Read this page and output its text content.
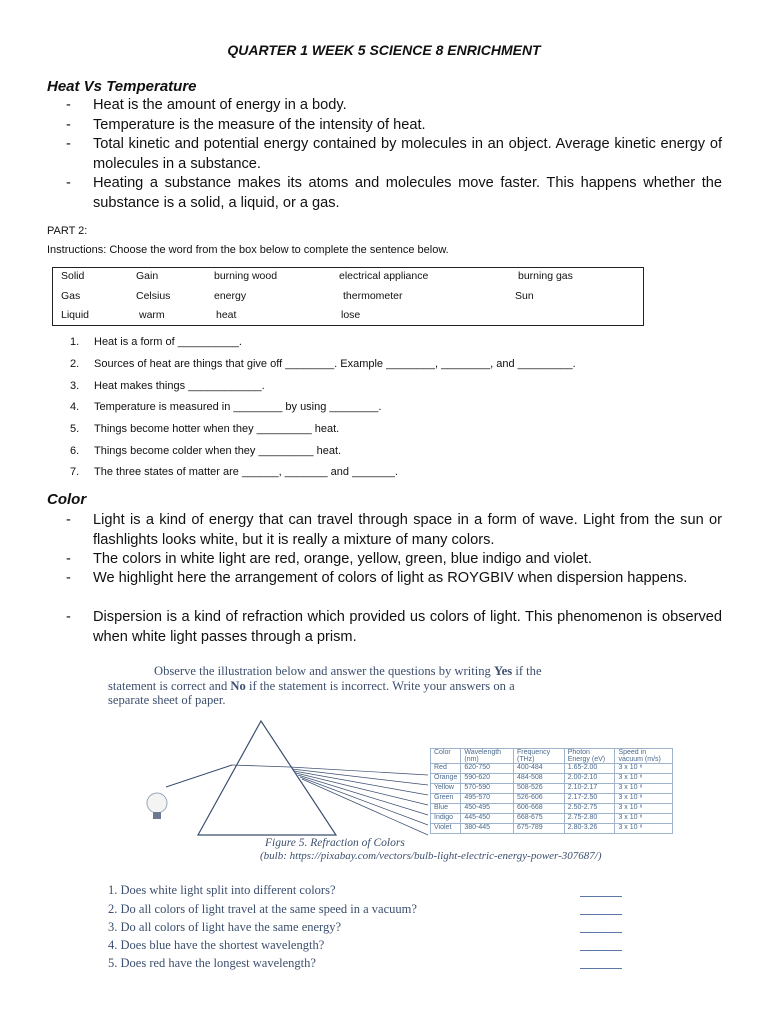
QUARTER 1 WEEK 5 SCIENCE 8 ENRICHMENT
Heat Vs Temperature
- Heat is the amount of energy in a body.
- Temperature is the measure of the intensity of heat.
- Total kinetic and potential energy contained by molecules in an object. Average kinetic energy of molecules in a substance.
- Heating a substance makes its atoms and molecules move faster. This happens whether the substance is a solid, a liquid, or a gas.
PART 2:
Instructions: Choose the word from the box below to complete the sentence below.
Solid	Gain	burning wood	electrical appliance	burning gas
Gas	Celsius	energy	thermometer	Sun
Liquid	warm	heat	lose
1. Heat is a form of __________.
2. Sources of heat are things that give off ________. Example ________, ________, and _________.
3. Heat makes things ____________.
4. Temperature is measured in ________ by using ________.
5. Things become hotter when they _________ heat.
6. Things become colder when they _________ heat.
7. The three states of matter are ______, _______ and _______.
Color
- Light is a kind of energy that can travel through space in a form of wave. Light from the sun or flashlights looks white, but it is really a mixture of many colors.
- The colors in white light are red, orange, yellow, green, blue indigo and violet.
- We highlight here the arrangement of colors of light as ROYGBIV when dispersion happens.
- Dispersion is a kind of refraction which provided us colors of light. This phenomenon is observed when white light passes through a prism.
Observe the illustration below and answer the questions by writing Yes if the
statement is correct and No if the statement is incorrect. Write your answers on a
separate sheet of paper.
Color	Wavelength (nm)	Frequency (THz)	Photon Energy (eV)	Speed in vacuum (m/s)
Red	620-750	400-484	1.65-2.00	3 x 10 ⁸
Orange	590-620	484-508	2.00-2.10	3 x 10 ⁸
Yellow	570-590	508-526	2.10-2.17	3 x 10 ⁸
Green	495-570	526-606	2.17-2.50	3 x 10 ⁸
Blue	450-495	606-668	2.50-2.75	3 x 10 ⁸
Indigo	445-450	668-675	2.75-2.80	3 x 10 ⁸
Violet	380-445	675-789	2.80-3.26	3 x 10 ⁸
Figure 5. Refraction of Colors
(bulb: https://pixabay.com/vectors/bulb-light-electric-energy-power-307687/)
1. Does white light split into different colors?
2. Do all colors of light travel at the same speed in a vacuum?
3. Do all colors of light have the same energy?
4. Does blue have the shortest wavelength?
5. Does red have the longest wavelength?
